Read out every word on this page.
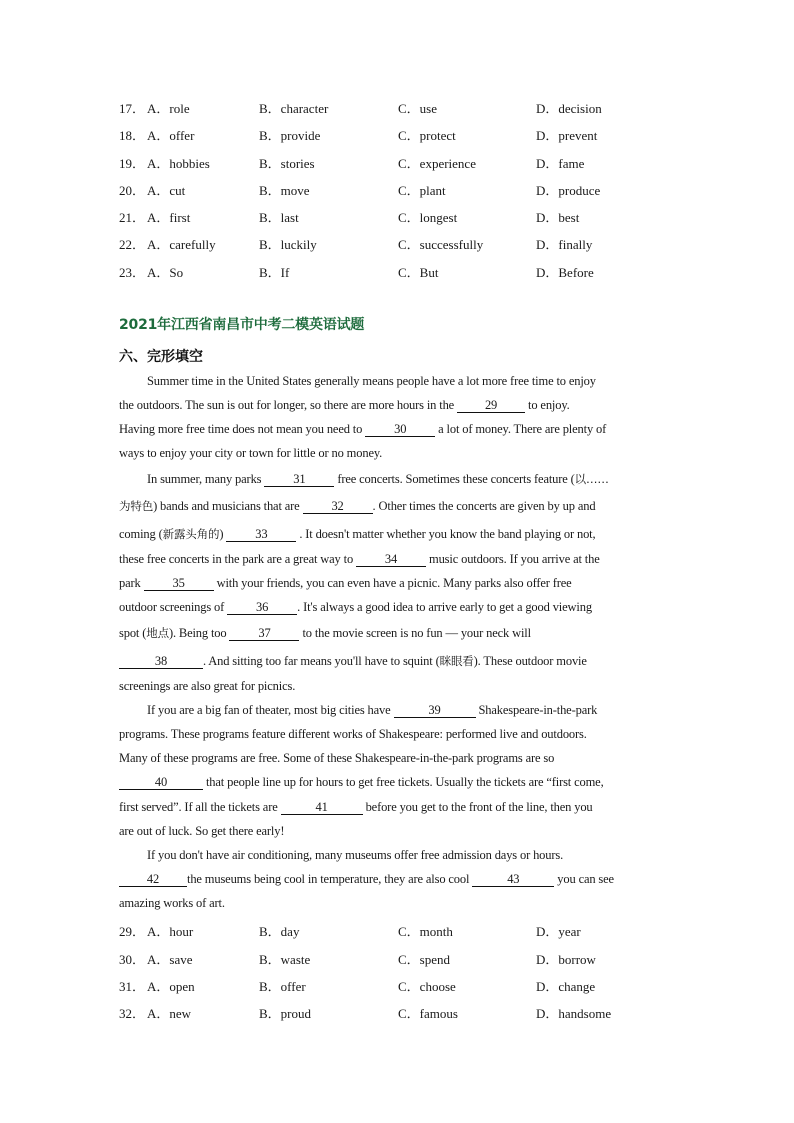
17． A．role	B．character	C．use	D．decision
18． A．offer	B．provide	C．protect	D．prevent
19． A．hobbies	B．stories	C．experience	D．fame
20． A．cut	B．move	C．plant	D．produce
21． A．first	B．last	C．longest	D．best
22． A．carefully	B．luckily	C．successfully	D．finally
23． A．So	B．If	C．But	D．Before
2021年江西省南昌市中考二模英语试题
六、完形填空
Summer time in the United States generally means people have a lot more free time to enjoy
the outdoors. The sun is out for longer, so there are more hours in the 29 to enjoy.
Having more free time does not mean you need to 30 a lot of money. There are plenty of
ways to enjoy your city or town for little or no money.
In summer, many parks 31 free concerts. Sometimes these concerts feature (以……
为特色) bands and musicians that are 32 . Other times the concerts are given by up and
coming (新露头角的) 33 . It doesn't matter whether you know the band playing or not,
these free concerts in the park are a great way to 34 music outdoors. If you arrive at the
park 35 with your friends, you can even have a picnic. Many parks also offer free
outdoor screenings of 36 . It's always a good idea to arrive early to get a good viewing
spot (地点). Being too 37 to the movie screen is no fun — your neck will
38	. And sitting too far means you'll have to squint (眯眼看). These outdoor movie
screenings are also great for picnics.
If you are a big fan of theater, most big cities have	39	Shakespeare-in-the-park
programs. These programs feature different works of Shakespeare: performed live and outdoors.
Many of these programs are free. Some of these Shakespeare-in-the-park programs are so
40	that people line up for hours to get free tickets. Usually the tickets are “first come,
first served”. If all the tickets are	41	before you get to the front of the line, then you
are out of luck. So get there early!
If you don't have air conditioning, many museums offer free admission days or hours.
42 the museums being cool in temperature, they are also cool	43	you can see
amazing works of art.
29． A．hour	B．day	C．month	D．year
30． A．save	B．waste	C．spend	D．borrow
31． A．open	B．offer	C．choose	D．change
32． A．new	B．proud	C．famous	D．handsome
